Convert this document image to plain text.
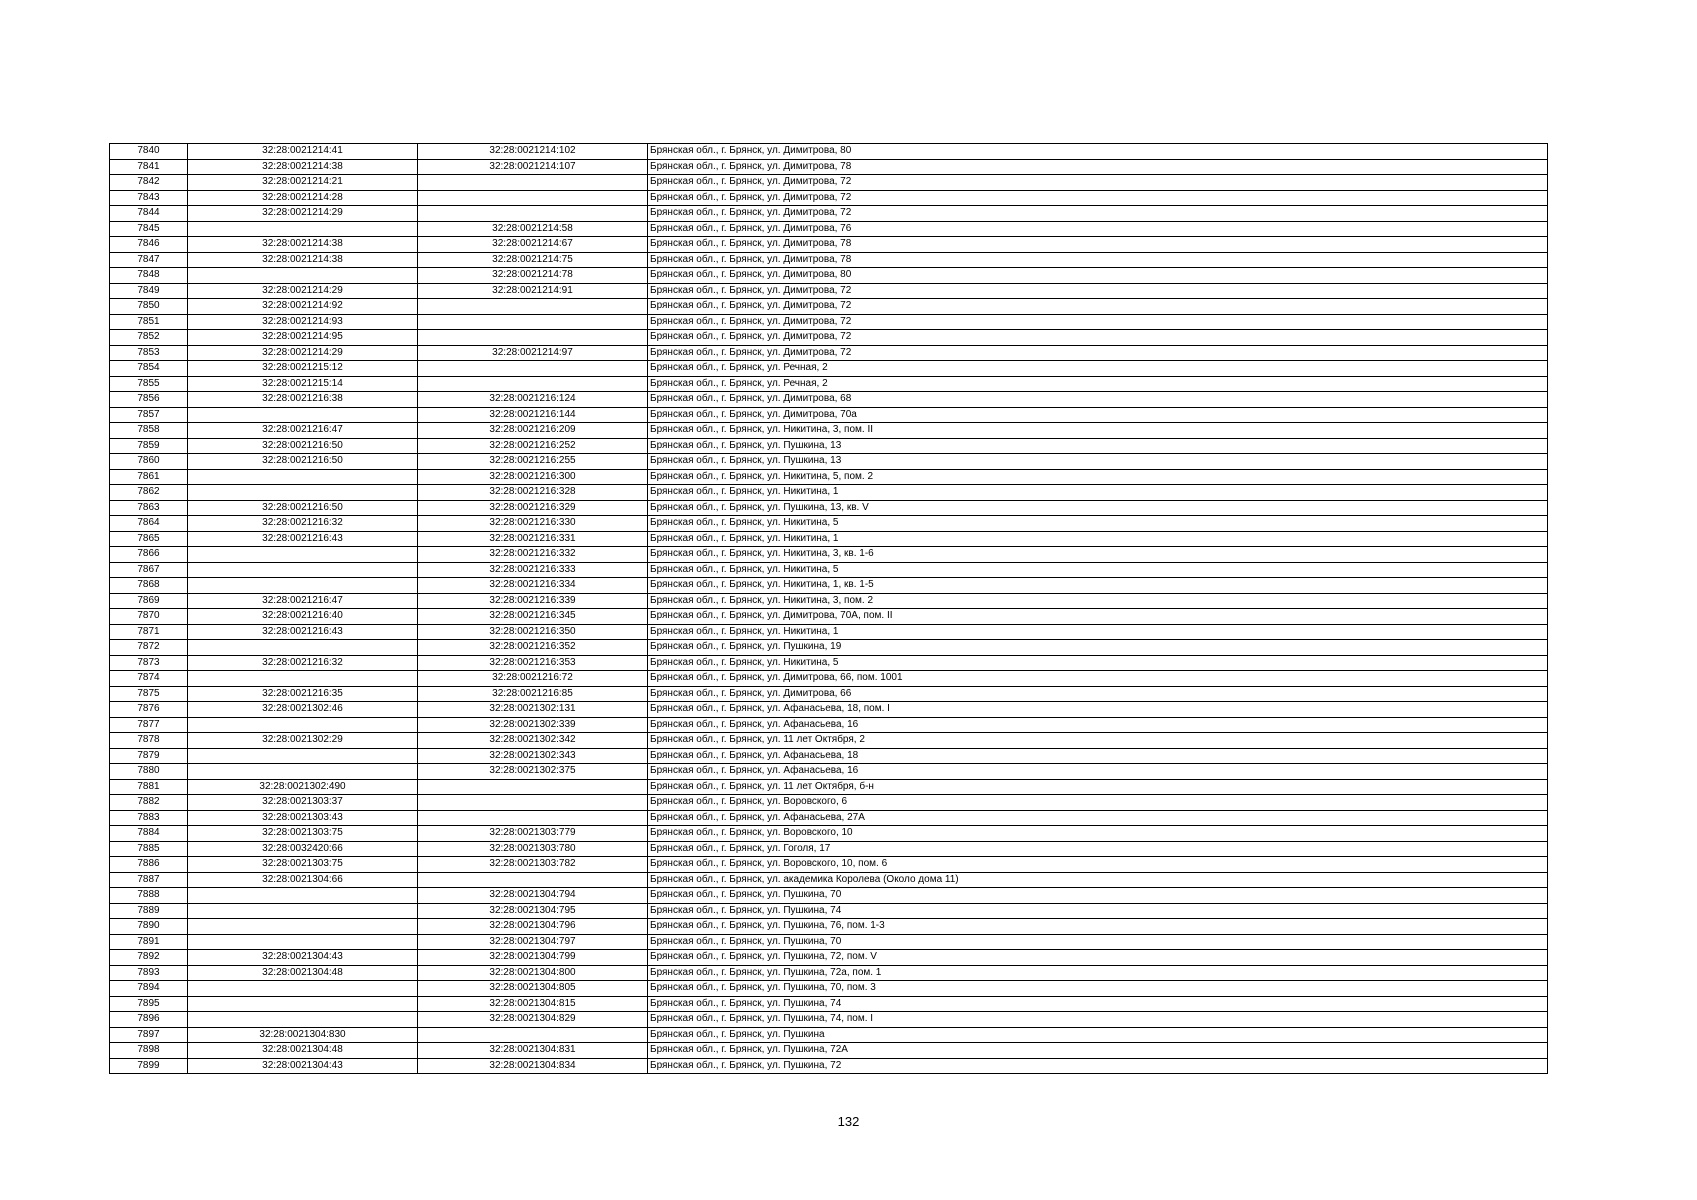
7840	32:28:0021214:41	32:28:0021214:102	Брянская обл., г. Брянск, ул. Димитрова, 80
7841	32:28:0021214:38	32:28:0021214:107	Брянская обл., г. Брянск, ул. Димитрова, 78
7842	32:28:0021214:21		Брянская обл., г. Брянск, ул. Димитрова, 72
7843	32:28:0021214:28		Брянская обл., г. Брянск, ул. Димитрова, 72
7844	32:28:0021214:29		Брянская обл., г. Брянск, ул. Димитрова, 72
7845		32:28:0021214:58	Брянская обл., г. Брянск, ул. Димитрова, 76
7846	32:28:0021214:38	32:28:0021214:67	Брянская обл., г. Брянск, ул. Димитрова, 78
7847	32:28:0021214:38	32:28:0021214:75	Брянская обл., г. Брянск, ул. Димитрова, 78
7848		32:28:0021214:78	Брянская обл., г. Брянск, ул. Димитрова, 80
7849	32:28:0021214:29	32:28:0021214:91	Брянская обл., г. Брянск, ул. Димитрова, 72
7850	32:28:0021214:92		Брянская обл., г. Брянск, ул. Димитрова, 72
7851	32:28:0021214:93		Брянская обл., г. Брянск, ул. Димитрова, 72
7852	32:28:0021214:95		Брянская обл., г. Брянск, ул. Димитрова, 72
7853	32:28:0021214:29	32:28:0021214:97	Брянская обл., г. Брянск, ул. Димитрова, 72
7854	32:28:0021215:12		Брянская обл., г. Брянск, ул. Речная, 2
7855	32:28:0021215:14		Брянская обл., г. Брянск, ул. Речная, 2
7856	32:28:0021216:38	32:28:0021216:124	Брянская обл., г. Брянск, ул. Димитрова, 68
7857		32:28:0021216:144	Брянская обл., г. Брянск, ул. Димитрова, 70а
7858	32:28:0021216:47	32:28:0021216:209	Брянская обл., г. Брянск, ул. Никитина, 3, пом. II
7859	32:28:0021216:50	32:28:0021216:252	Брянская обл., г. Брянск, ул. Пушкина, 13
7860	32:28:0021216:50	32:28:0021216:255	Брянская обл., г. Брянск, ул. Пушкина, 13
7861		32:28:0021216:300	Брянская обл., г. Брянск, ул. Никитина, 5, пом. 2
7862		32:28:0021216:328	Брянская обл., г. Брянск, ул. Никитина, 1
7863	32:28:0021216:50	32:28:0021216:329	Брянская обл., г. Брянск, ул. Пушкина, 13, кв. V
7864	32:28:0021216:32	32:28:0021216:330	Брянская обл., г. Брянск, ул. Никитина, 5
7865	32:28:0021216:43	32:28:0021216:331	Брянская обл., г. Брянск, ул. Никитина, 1
7866		32:28:0021216:332	Брянская обл., г. Брянск, ул. Никитина, 3, кв. 1-6
7867		32:28:0021216:333	Брянская обл., г. Брянск, ул. Никитина, 5
7868		32:28:0021216:334	Брянская обл., г. Брянск, ул. Никитина, 1, кв. 1-5
7869	32:28:0021216:47	32:28:0021216:339	Брянская обл., г. Брянск, ул. Никитина, 3, пом. 2
7870	32:28:0021216:40	32:28:0021216:345	Брянская обл., г. Брянск, ул. Димитрова, 70А, пом. II
7871	32:28:0021216:43	32:28:0021216:350	Брянская обл., г. Брянск, ул. Никитина, 1
7872		32:28:0021216:352	Брянская обл., г. Брянск, ул. Пушкина, 19
7873	32:28:0021216:32	32:28:0021216:353	Брянская обл., г. Брянск, ул. Никитина, 5
7874		32:28:0021216:72	Брянская обл., г. Брянск, ул. Димитрова, 66, пом. 1001
7875	32:28:0021216:35	32:28:0021216:85	Брянская обл., г. Брянск, ул. Димитрова, 66
7876	32:28:0021302:46	32:28:0021302:131	Брянская обл., г. Брянск, ул. Афанасьева, 18, пом. I
7877		32:28:0021302:339	Брянская обл., г. Брянск, ул. Афанасьева, 16
7878	32:28:0021302:29	32:28:0021302:342	Брянская обл., г. Брянск, ул. 11 лет Октября, 2
7879		32:28:0021302:343	Брянская обл., г. Брянск, ул. Афанасьева, 18
7880		32:28:0021302:375	Брянская обл., г. Брянск, ул. Афанасьева, 16
7881	32:28:0021302:490		Брянская обл., г. Брянск, ул. 11 лет Октября, б-н
7882	32:28:0021303:37		Брянская обл., г. Брянск, ул. Воровского, 6
7883	32:28:0021303:43		Брянская обл., г. Брянск, ул. Афанасьева, 27А
7884	32:28:0021303:75	32:28:0021303:779	Брянская обл., г. Брянск, ул. Воровского, 10
7885	32:28:0032420:66	32:28:0021303:780	Брянская обл., г. Брянск, ул. Гоголя, 17
7886	32:28:0021303:75	32:28:0021303:782	Брянская обл., г. Брянск, ул. Воровского, 10, пом. 6
7887	32:28:0021304:66		Брянская обл., г. Брянск, ул. академика Королева (Около дома 11)
7888		32:28:0021304:794	Брянская обл., г. Брянск, ул. Пушкина, 70
7889		32:28:0021304:795	Брянская обл., г. Брянск, ул. Пушкина, 74
7890		32:28:0021304:796	Брянская обл., г. Брянск, ул. Пушкина, 76, пом. 1-3
7891		32:28:0021304:797	Брянская обл., г. Брянск, ул. Пушкина, 70
7892	32:28:0021304:43	32:28:0021304:799	Брянская обл., г. Брянск, ул. Пушкина, 72, пом. V
7893	32:28:0021304:48	32:28:0021304:800	Брянская обл., г. Брянск, ул. Пушкина, 72а, пом. 1
7894		32:28:0021304:805	Брянская обл., г. Брянск, ул. Пушкина, 70, пом. 3
7895		32:28:0021304:815	Брянская обл., г. Брянск, ул. Пушкина, 74
7896		32:28:0021304:829	Брянская обл., г. Брянск, ул. Пушкина, 74, пом. I
7897	32:28:0021304:830		Брянская обл., г. Брянск, ул. Пушкина
7898	32:28:0021304:48	32:28:0021304:831	Брянская обл., г. Брянск, ул. Пушкина, 72А
7899	32:28:0021304:43	32:28:0021304:834	Брянская обл., г. Брянск, ул. Пушкина, 72
132
